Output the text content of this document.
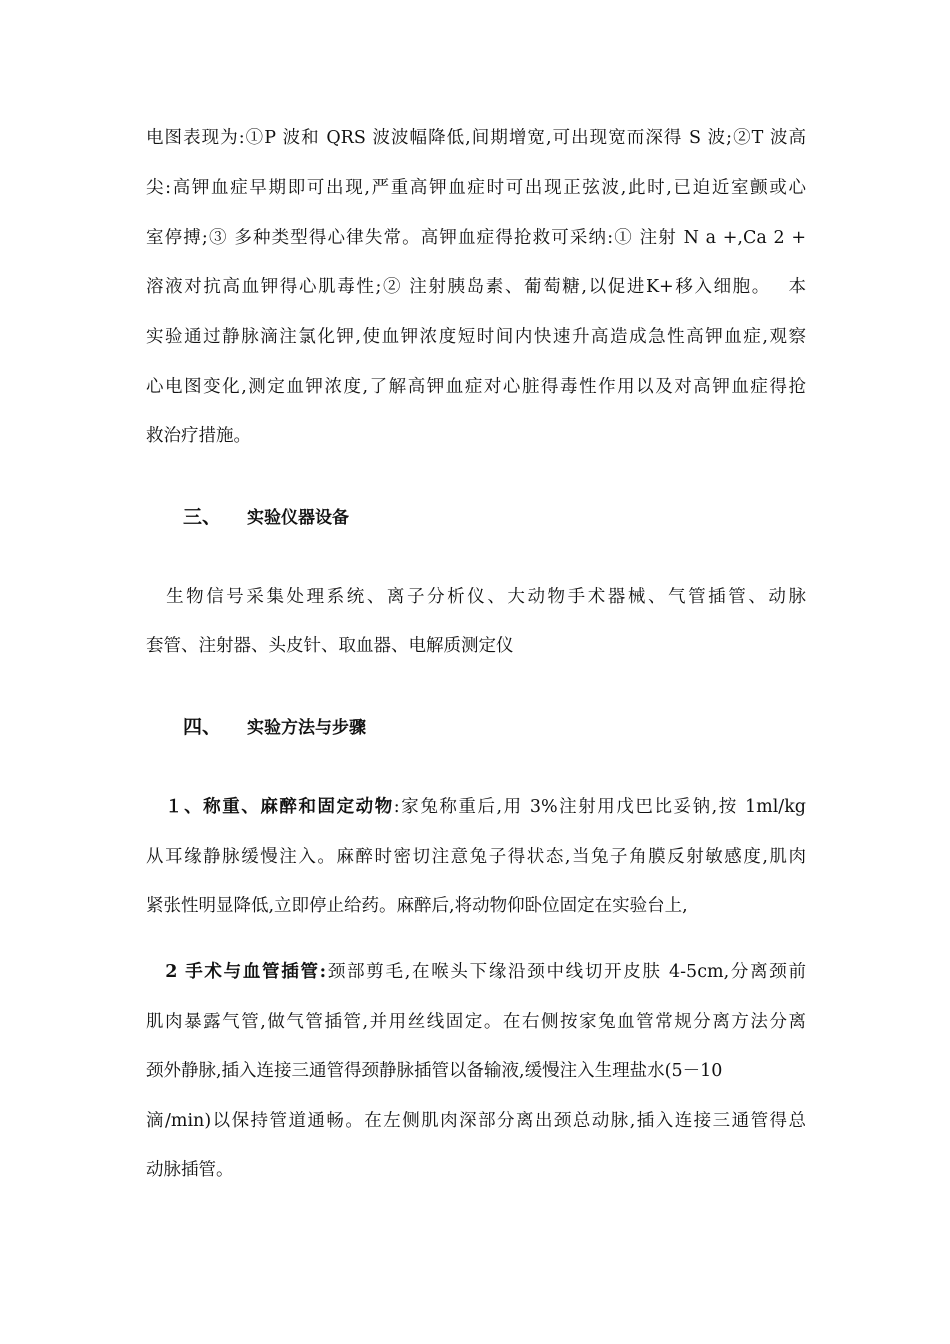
电图表现为:①P 波和 QRS 波波幅降低,间期增宽,可出现宽而深得 S 波;②T 波高
尖:高钾血症早期即可出现,严重高钾血症时可出现正弦波,此时,已迫近室颤或心
室停搏;③ 多种类型得心律失常。高钾血症得抢救可采纳:① 注射 N a +,Ca 2 +
溶液对抗高血钾得心肌毒性;② 注射胰岛素、葡萄糖,以促进K+移入细胞。　 本
实验通过静脉滴注氯化钾,使血钾浓度短时间内快速升高造成急性高钾血症,观察
心电图变化,测定血钾浓度,了解高钾血症对心脏得毒性作用以及对高钾血症得抢
救治疗措施。
三、 实验仪器设备
　生物信号采集处理系统、离子分析仪、大动物手术器械、气管插管、动脉
套管、注射器、头皮针、取血器、电解质测定仪
四、 实验方法与步骤
　１、称重、麻醉和固定动物:家兔称重后,用 3%注射用戊巴比妥钠,按 1ml/kg
从耳缘静脉缓慢注入。麻醉时密切注意兔子得状态,当兔子角膜反射敏感度,肌肉
紧张性明显降低,立即停止给药。麻醉后,将动物仰卧位固定在实验台上,
　2 手术与血管插管:颈部剪毛,在喉头下缘沿颈中线切开皮肤 4-5cm,分离颈前
肌肉暴露气管,做气管插管,并用丝线固定。在右侧按家兔血管常规分离方法分离
颈外静脉,插入连接三通管得颈静脉插管以备输液,缓慢注入生理盐水(5－10
滴/min)以保持管道通畅。在左侧肌肉深部分离出颈总动脉,插入连接三通管得总
动脉插管。
